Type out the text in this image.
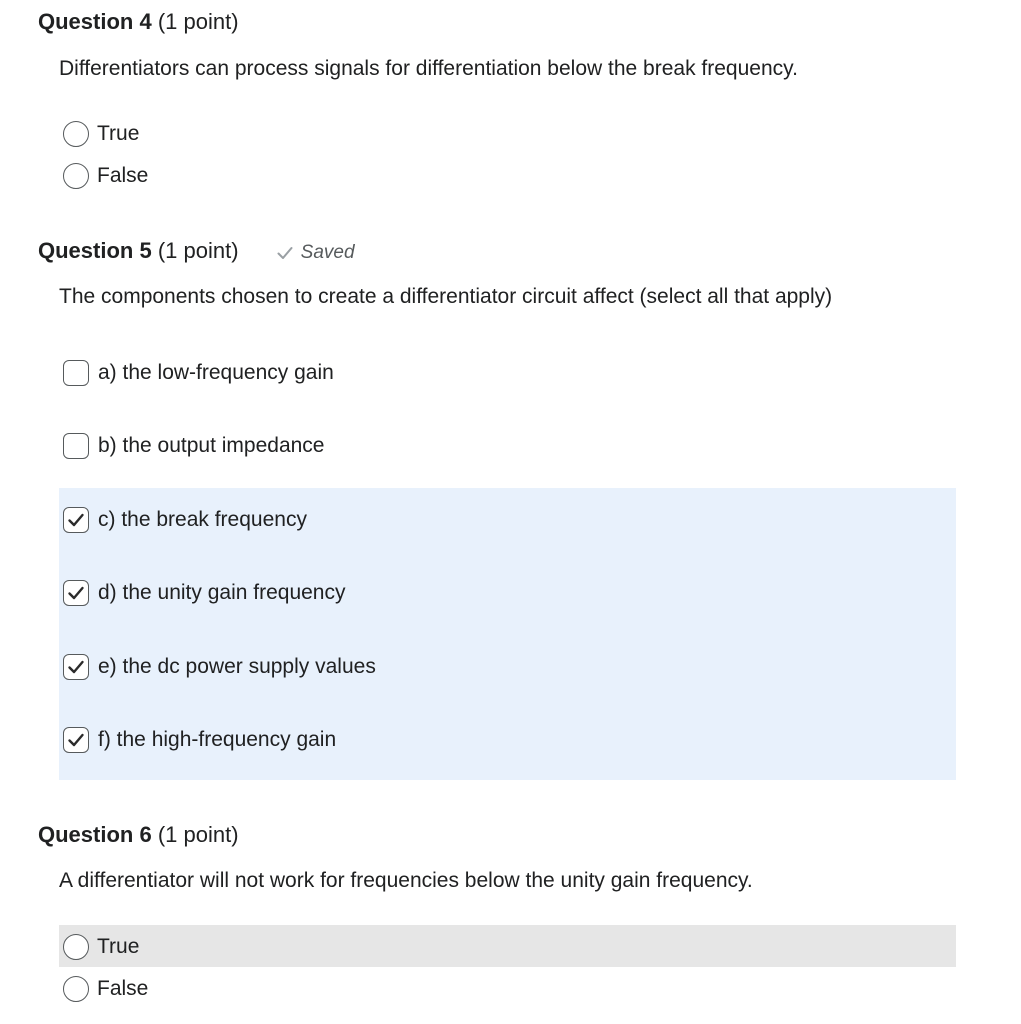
Question 4 (1 point)
Differentiators can process signals for differentiation below the break frequency.
True
False
Question 5 (1 point)	Saved
The components chosen to create a differentiator circuit affect (select all that apply)
a) the low-frequency gain
b) the output impedance
c) the break frequency
d) the unity gain frequency
e) the dc power supply values
f) the high-frequency gain
Question 6 (1 point)
A differentiator will not work for frequencies below the unity gain frequency.
True
False
